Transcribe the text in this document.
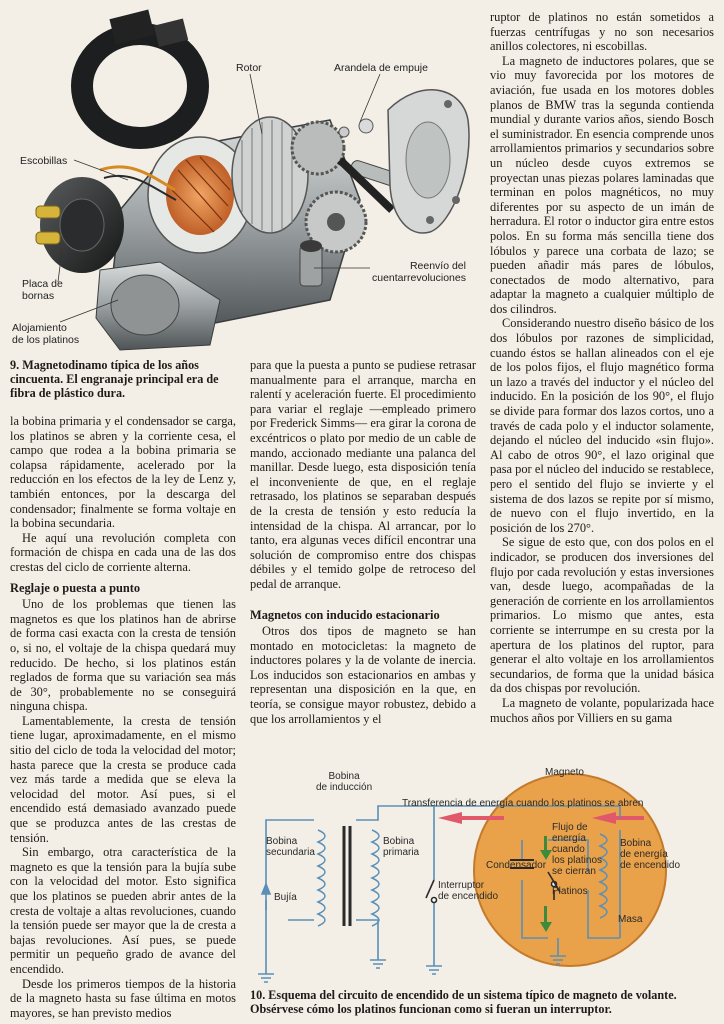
Rotor	Arandela de empuje
Escobillas
Placa de
bornas
Alojamiento
de los platinos
Reenvío del
cuentarrevoluciones
9. Magnetodinamo típica de los años cincuenta. El engranaje principal era de fibra de plástico dura.

la bobina primaria y el condensador se carga, los platinos se abren y la corriente cesa, el campo que rodea a la bobina primaria se colapsa rápidamente, acelerado por la reducción en los efectos de la ley de Lenz y, también entonces, por la descarga del condensador; finalmente se forma voltaje en la bobina secundaria.

He aquí una revolución completa con formación de chispa en cada una de las dos crestas del ciclo de corriente alterna.

Reglaje o puesta a punto

Uno de los problemas que tienen las magnetos es que los platinos han de abrirse de forma casi exacta con la cresta de tensión o, si no, el voltaje de la chispa quedará muy reducido. De hecho, si los platinos están reglados de forma que su variación sea más de 30°, probablemente no se conseguirá ninguna chispa.

Lamentablemente, la cresta de tensión tiene lugar, aproximadamente, en el mismo sitio del ciclo de toda la velocidad del motor; hasta parece que la cresta se produce cada vez más tarde a medida que se eleva la velocidad del motor. Así pues, si el encendido está demasiado avanzado puede que se produzca antes de las crestas de tensión.

Sin embargo, otra característica de la magneto es que la tensión para la bujía sube con la velocidad del motor. Esto significa que los platinos se pueden abrir antes de la cresta de voltaje a altas revoluciones, cuando la tensión puede ser mayor que la de cresta a bajas revoluciones. Así pues, se puede permitir un pequeño grado de avance del encendido.

Desde los primeros tiempos de la historia de la magneto hasta su fase última en motos mayores, se han previsto medios

para que la puesta a punto se pudiese retrasar manualmente para el arranque, marcha en ralentí y aceleración fuerte. El procedimiento para variar el reglaje —empleado primero por Frederick Simms— era girar la corona de excéntricos o plato por medio de un cable de mando, accionado mediante una palanca del manillar. Desde luego, esta disposición tenía el inconveniente de que, en el reglaje retrasado, los platinos se separaban después de la cresta de tensión y esto reducía la intensidad de la chispa. Al arrancar, por lo tanto, era algunas veces difícil encontrar una solución de compromiso entre dos chispas débiles y el temido golpe de retroceso del pedal de arranque.

Magnetos con inducido estacionario

Otros dos tipos de magneto se han montado en motocicletas: la magneto de inductores polares y la de volante de inercia. Los inducidos son estacionarios en ambas y representan una disposición en la que, en teoría, se consigue mayor robustez, debido a que los arrollamientos y el

ruptor de platinos no están sometidos a fuerzas centrífugas y no son necesarios anillos colectores, ni escobillas.

La magneto de inductores polares, que se vio muy favorecida por los motores de aviación, fue usada en los motores dobles planos de BMW tras la segunda contienda mundial y durante varios años, siendo Bosch el suministrador. En esencia comprende unos arrollamientos primarios y secundarios sobre un núcleo desde cuyos extremos se proyectan unas piezas polares laminadas que terminan en polos magnéticos, no muy diferentes por su aspecto de un imán de herradura. El rotor o inductor gira entre estos polos. En su forma más sencilla tiene dos lóbulos y parece una corbata de lazo; se pueden añadir más pares de lóbulos, conectados de modo alternativo, para adaptar la magneto a cualquier múltiplo de dos cilindros.

Considerando nuestro diseño básico de los dos lóbulos por razones de simplicidad, cuando éstos se hallan alineados con el eje de los polos fijos, el flujo magnético forma un lazo a través del inductor y el núcleo del inducido. En la posición de los 90°, el flujo se divide para formar dos lazos cortos, uno a través de cada polo y el inductor solamente, dejando el núcleo del inducido «sin flujo». Al cabo de otros 90°, el lazo original que pasa por el núcleo del inducido se restablece, pero el sentido del flujo se invierte y el sistema de dos lazos se repite por sí mismo, de nuevo con el flujo invertido, en la posición de los 270°.

Se sigue de esto que, con dos polos en el indicador, se producen dos inversiones del flujo por cada revolución y estas inversiones van, desde luego, acompañadas de la generación de corriente en los arrollamientos primarios. Lo mismo que antes, esta corriente se interrumpe en su cresta por la apertura de los platinos del ruptor, para generar el alto voltaje en los arrollamientos secundarios, de forma que la unidad básica da dos chispas por revolución.

La magneto de volante, popularizada hace muchos años por Villiers en su gama

Bobina
de inducción
Magneto
Transferencia de energía cuando los platinos se abren
Bobina
secundaria
Bobina
primaria
Bujía
Interruptor
de encendido
Condensador
Flujo de
energía
cuando
los platinos
se cierran
Platinos
Bobina
de energía
de encendido
Masa
10. Esquema del circuito de encendido de un sistema típico de magneto de volante. Obsérvese cómo los platinos funcionan como si fueran un interruptor.
